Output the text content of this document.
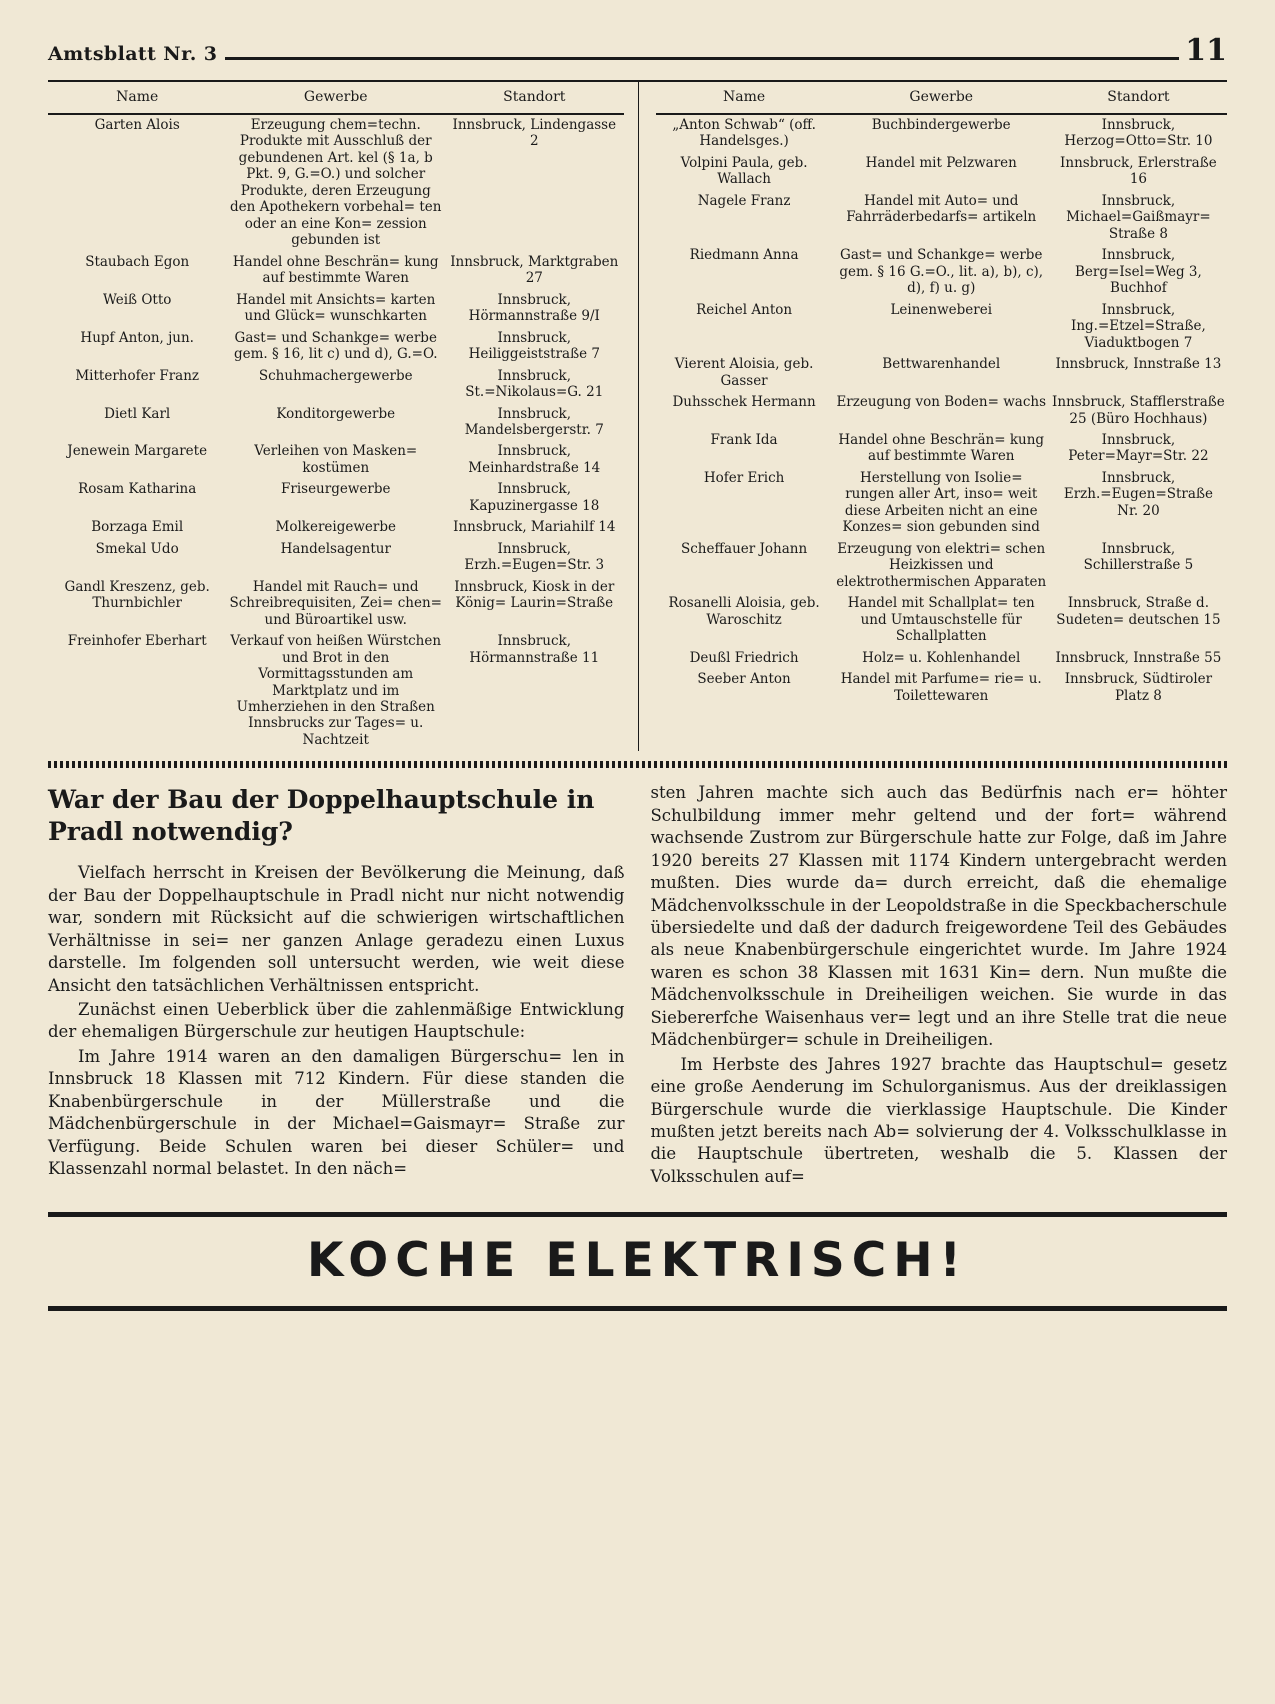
Amtsblatt Nr. 3	11
Name	Gewerbe	Standort
Garten Alois	Erzeugung chem=techn. Produkte mit Ausschluß der gebundenen Art. kel (§ 1a, b Pkt. 9, G.=O.) und solcher Produkte, deren Erzeugung den Apothekern vorbehal= ten oder an eine Kon= zession gebunden ist	Innsbruck, Lindengasse 2
Staubach Egon	Handel ohne Beschrän= kung auf bestimmte Waren	Innsbruck, Marktgraben 27
Weiß Otto	Handel mit Ansichts= karten und Glück= wunschkarten	Innsbruck, Hörmannstraße 9/I
Hupf Anton, jun.	Gast= und Schankge= werbe gem. § 16, lit c) und d), G.=O.	Innsbruck, Heiliggeiststraße 7
Mitterhofer Franz	Schuhmachergewerbe	Innsbruck, St.=Nikolaus=G. 21
Dietl Karl	Konditorgewerbe	Innsbruck, Mandelsbergerstr. 7
Jenewein Margarete	Verleihen von Masken= kostümen	Innsbruck, Meinhardstraße 14
Rosam Katharina	Friseurgewerbe	Innsbruck, Kapuzinergasse 18
Borzaga Emil	Molkereigewerbe	Innsbruck, Mariahilf 14
Smekal Udo	Handelsagentur	Innsbruck, Erzh.=Eugen=Str. 3
Gandl Kreszenz, geb. Thurnbichler	Handel mit Rauch= und Schreibrequisiten, Zei= chen= und Büroartikel usw.	Innsbruck, Kiosk in der König= Laurin=Straße
Freinhofer Eberhart	Verkauf von heißen Würstchen und Brot in den Vormittagsstunden am Marktplatz und im Umherziehen in den Straßen Innsbrucks zur Tages= u. Nachtzeit	Innsbruck, Hörmannstraße 11
Name	Gewerbe	Standort
„Anton Schwab“ (off. Handelsges.)	Buchbindergewerbe	Innsbruck, Herzog=Otto=Str. 10
Volpini Paula, geb. Wallach	Handel mit Pelzwaren	Innsbruck, Erlerstraße 16
Nagele Franz	Handel mit Auto= und Fahrräderbedarfs= artikeln	Innsbruck, Michael=Gaißmayr= Straße 8
Riedmann Anna	Gast= und Schankge= werbe gem. § 16 G.=O., lit. a), b), c), d), f) u. g)	Innsbruck, Berg=Isel=Weg 3, Buchhof
Reichel Anton	Leinenweberei	Innsbruck, Ing.=Etzel=Straße, Viaduktbogen 7
Vierent Aloisia, geb. Gasser	Bettwarenhandel	Innsbruck, Innstraße 13
Duhsschek Hermann	Erzeugung von Boden= wachs	Innsbruck, Stafflerstraße 25 (Büro Hochhaus)
Frank Ida	Handel ohne Beschrän= kung auf bestimmte Waren	Innsbruck, Peter=Mayr=Str. 22
Hofer Erich	Herstellung von Isolie= rungen aller Art, inso= weit diese Arbeiten nicht an eine Konzes= sion gebunden sind	Innsbruck, Erzh.=Eugen=Straße Nr. 20
Scheffauer Johann	Erzeugung von elektri= schen Heizkissen und elektrothermischen Apparaten	Innsbruck, Schillerstraße 5
Rosanelli Aloisia, geb. Waroschitz	Handel mit Schallplat= ten und Umtauschstelle für Schallplatten	Innsbruck, Straße d. Sudeten= deutschen 15
Deußl Friedrich	Holz= u. Kohlenhandel	Innsbruck, Innstraße 55
Seeber Anton	Handel mit Parfume= rie= u. Toilettewaren	Innsbruck, Südtiroler Platz 8
War der Bau der Doppelhauptschule in Pradl notwendig?

Vielfach herrscht in Kreisen der Bevölkerung die Meinung, daß der Bau der Doppelhauptschule in Pradl nicht nur nicht notwendig war, sondern mit Rücksicht auf die schwierigen wirtschaftlichen Verhältnisse in sei= ner ganzen Anlage geradezu einen Luxus darstelle. Im folgenden soll untersucht werden, wie weit diese Ansicht den tatsächlichen Verhältnissen entspricht.

Zunächst einen Ueberblick über die zahlenmäßige Entwicklung der ehemaligen Bürgerschule zur heutigen Hauptschule:

Im Jahre 1914 waren an den damaligen Bürgerschu= len in Innsbruck 18 Klassen mit 712 Kindern. Für diese standen die Knabenbürgerschule in der Müllerstraße und die Mädchenbürgerschule in der Michael=Gaismayr= Straße zur Verfügung. Beide Schulen waren bei dieser Schüler= und Klassenzahl normal belastet. In den näch=

sten Jahren machte sich auch das Bedürfnis nach er= höhter Schulbildung immer mehr geltend und der fort= während wachsende Zustrom zur Bürgerschule hatte zur Folge, daß im Jahre 1920 bereits 27 Klassen mit 1174 Kindern untergebracht werden mußten. Dies wurde da= durch erreicht, daß die ehemalige Mädchenvolksschule in der Leopoldstraße in die Speckbacherschule übersiedelte und daß der dadurch freigewordene Teil des Gebäudes als neue Knabenbürgerschule eingerichtet wurde. Im Jahre 1924 waren es schon 38 Klassen mit 1631 Kin= dern. Nun mußte die Mädchenvolksschule in Dreiheiligen weichen. Sie wurde in das Siebererfche Waisenhaus ver= legt und an ihre Stelle trat die neue Mädchenbürger= schule in Dreiheiligen.

Im Herbste des Jahres 1927 brachte das Hauptschul= gesetz eine große Aenderung im Schulorganismus. Aus der dreiklassigen Bürgerschule wurde die vierklassige Hauptschule. Die Kinder mußten jetzt bereits nach Ab= solvierung der 4. Volksschulklasse in die Hauptschule übertreten, weshalb die 5. Klassen der Volksschulen auf=

KOCHE ELEKTRISCH!
